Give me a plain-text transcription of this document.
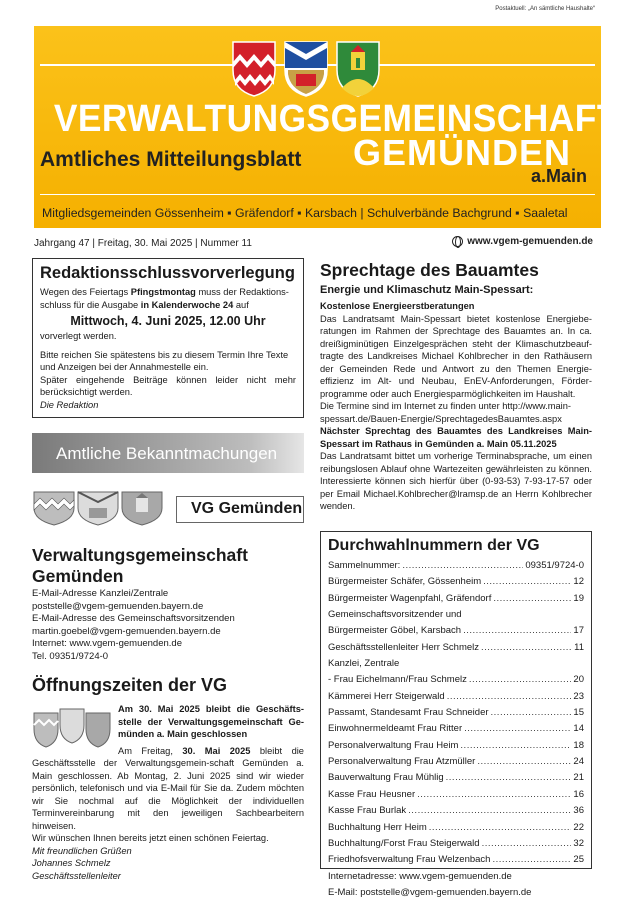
Postaktuell: „An sämtliche Haushalte“
VERWALTUNGSGEMEINSCHAFT
Amtliches Mitteilungsblatt GEMÜNDEN
a.Main
Mitgliedsgemeinden Gössenheim ▪ Gräfendorf ▪ Karsbach | Schulverbände Bachgrund ▪ Saaletal
Jahrgang 47 | Freitag, 30. Mai 2025 | Nummer 11	www.vgem-gemuenden.de
Redaktionsschlussvorverlegung
Wegen des Feiertags Pfingstmontag muss der Redaktions-schluss für die Ausgabe in Kalenderwoche 24 auf
Mittwoch, 4. Juni 2025, 12.00 Uhr
vorverlegt werden.
Bitte reichen Sie spätestens bis zu diesem Termin Ihre Texte und Anzeigen bei der Annahmestelle ein.
Später eingehende Beiträge können leider nicht mehr berücksichtigt werden.
Die Redaktion
Amtliche Bekanntmachungen
VG Gemünden
Verwaltungsgemeinschaft Gemünden
E-Mail-Adresse Kanzlei/Zentrale
poststelle@vgem-gemuenden.bayern.de
E-Mail-Adresse des Gemeinschaftsvorsitzenden
martin.goebel@vgem-gemuenden.bayern.de
Internet: www.vgem-gemuenden.de
Tel. 09351/9724-0
Öffnungszeiten der VG
Am 30. Mai 2025 bleibt die Geschäfts-stelle der Verwaltungsgemeinschaft Ge-münden a. Main geschlossen
Am Freitag, 30. Mai 2025 bleibt die Geschäftsstelle der Verwaltungsgemein-schaft Gemünden a. Main geschlossen. Ab Montag, 2. Juni 2025 sind wir wieder persönlich, telefonisch und via E-Mail für Sie da. Zudem möchten wir Sie nochmal auf die Möglichkeit der individuellen Terminvereinbarung mit den jeweiligen Sachbearbeitern hinweisen.
Wir wünschen Ihnen bereits jetzt einen schönen Feiertag.
Mit freundlichen Grüßen
Johannes Schmelz
Geschäftsstellenleiter
Sprechtage des Bauamtes
Energie und Klimaschutz Main-Spessart:
Kostenlose Energieerstberatungen
Das Landratsamt Main-Spessart bietet kostenlose Energiebe-ratungen im Rahmen der Sprechtage des Bauamtes an. In ca. dreißigminütigen Einzelgesprächen steht der Klimaschutzbeauf-tragte des Landkreises Michael Kohlbrecher in den Rathäusern der Gemeinden Rede und Antwort zu den Themen Energie-effizienz im Alt- und Neubau, EnEV-Anforderungen, Förder-programme oder auch Energiesparmöglichkeiten im Haushalt.
Die Termine sind im Internet zu finden unter http://www.main-spessart.de/Bauen-Energie/SprechtagedesBauamtes.aspx
Nächster Sprechtag des Bauamtes des Landkreises Main-Spessart im Rathaus in Gemünden a. Main 05.11.2025
Das Landratsamt bittet um vorherige Terminabsprache, um einen reibungslosen Ablauf ohne Wartezeiten gewährleisten zu können. Interessierte können sich hierfür über (0-93-53) 7-93-17-57 oder per Email Michael.Kohlbrecher@lramsp.de an Herrn Kohlbrecher wenden.
Durchwahlnummern der VG
Sammelnummer: .....	09351/9724-0
Bürgermeister Schäfer, Gössenheim .....	12
Bürgermeister Wagenpfahl, Gräfendorf .....	19
Gemeinschaftsvorsitzender und
Bürgermeister Göbel, Karsbach .....	17
Geschäftsstellenleiter Herr Schmelz .....	11
Kanzlei, Zentrale
- Frau Eichelmann/Frau Schmelz .....	20
Kämmerei Herr Steigerwald .....	23
Passamt, Standesamt Frau Schneider .....	15
Einwohnermeldeamt Frau Ritter .....	14
Personalverwaltung Frau Heim .....	18
Personalverwaltung Frau Atzmüller .....	24
Bauverwaltung Frau Mühlig .....	21
Kasse Frau Heusner .....	16
Kasse Frau Burlak .....	36
Buchhaltung Herr Heim .....	22
Buchhaltung/Forst Frau Steigerwald .....	32
Friedhofsverwaltung Frau Welzenbach .....	25
Internetadresse: www.vgem-gemuenden.de
E-Mail: poststelle@vgem-gemuenden.bayern.de
